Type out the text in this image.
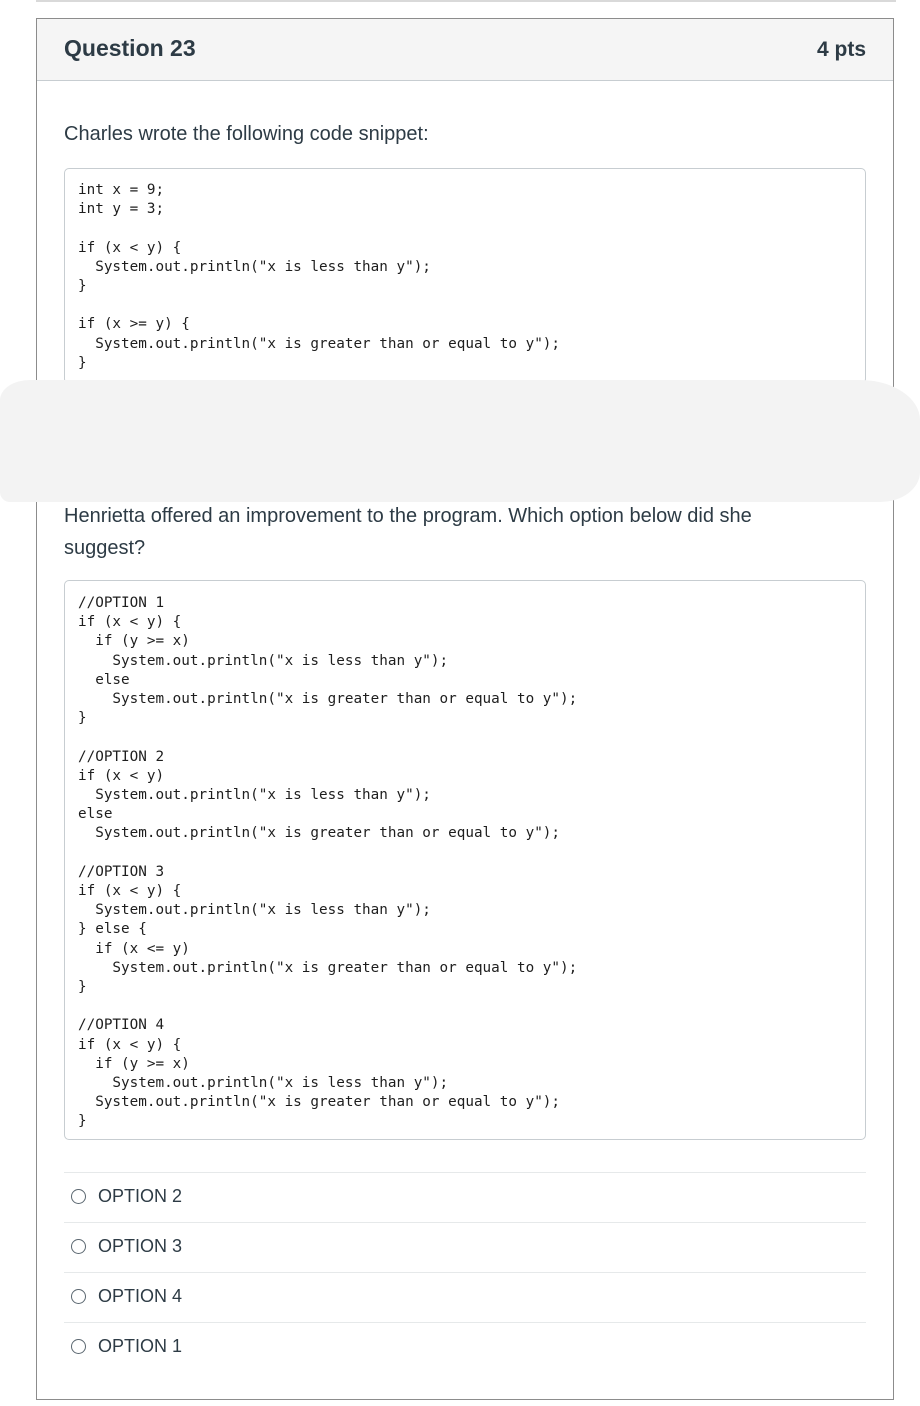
Question 23	4 pts
Charles wrote the following code snippet:
int x = 9;
int y = 3;

if (x < y) {
System.out.println("x is less than y");
}

if (x >= y) {
System.out.println("x is greater than or equal to y");
}
Henrietta offered an improvement to the program. Which option below did she suggest?
//OPTION 1
if (x < y) {
if (y >= x)
System.out.println("x is less than y");
else
System.out.println("x is greater than or equal to y");
}

//OPTION 2
if (x < y)
System.out.println("x is less than y");
else
System.out.println("x is greater than or equal to y");

//OPTION 3
if (x < y) {
System.out.println("x is less than y");
} else {
if (x <= y)
System.out.println("x is greater than or equal to y");
}

//OPTION 4
if (x < y) {
if (y >= x)
System.out.println("x is less than y");
System.out.println("x is greater than or equal to y");
}
OPTION 2
OPTION 3
OPTION 4
OPTION 1
